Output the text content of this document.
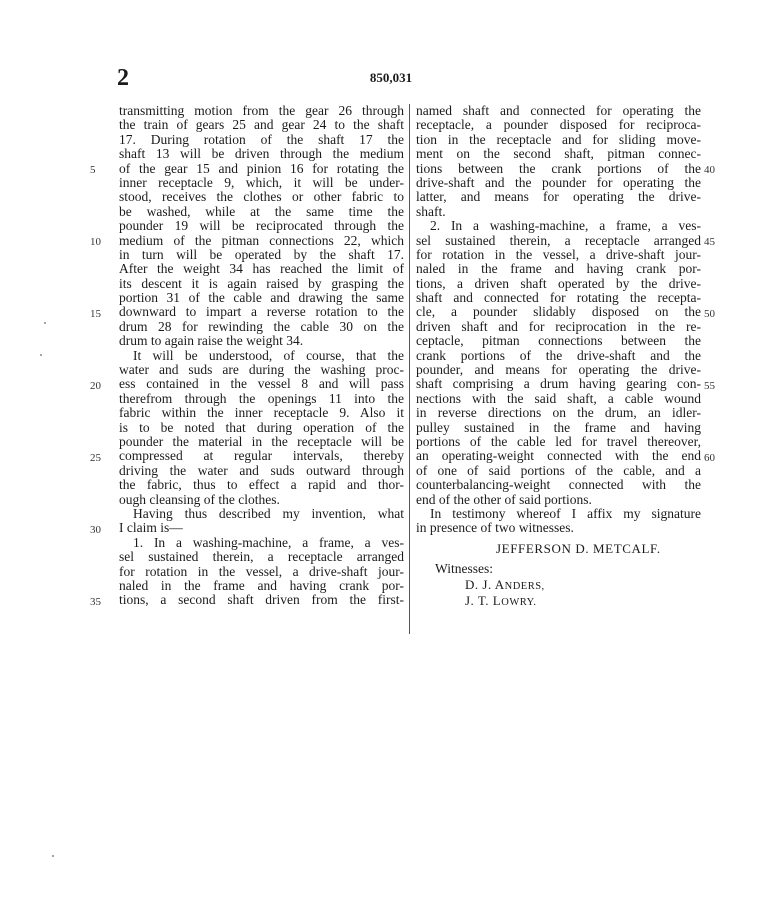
2	850,031
transmitting motion from the gear 26 through
the train of gears 25 and gear 24 to the shaft
17. During rotation of the shaft 17 the
shaft 13 will be driven through the medium
of the gear 15 and pinion 16 for rotating the
inner receptacle 9, which, it will be under-
stood, receives the clothes or other fabric to
be washed, while at the same time the
pounder 19 will be reciprocated through the
medium of the pitman connections 22, which
in turn will be operated by the shaft 17.
After the weight 34 has reached the limit of
its descent it is again raised by grasping the
portion 31 of the cable and drawing the same
downward to impart a reverse rotation to the
drum 28 for rewinding the cable 30 on the
drum to again raise the weight 34.
It will be understood, of course, that the
water and suds are during the washing proc-
ess contained in the vessel 8 and will pass
therefrom through the openings 11 into the
fabric within the inner receptacle 9. Also it
is to be noted that during operation of the
pounder the material in the receptacle will be
compressed at regular intervals, thereby
driving the water and suds outward through
the fabric, thus to effect a rapid and thor-
ough cleansing of the clothes.
Having thus described my invention, what
I claim is—
1. In a washing-machine, a frame, a ves-
sel sustained therein, a receptacle arranged
for rotation in the vessel, a drive-shaft jour-
naled in the frame and having crank por-
tions, a second shaft driven from the first-
named shaft and connected for operating the
receptacle, a pounder disposed for reciproca-
tion in the receptacle and for sliding move-
ment on the second shaft, pitman connec-
tions between the crank portions of the
drive-shaft and the pounder for operating the
latter, and means for operating the drive-
shaft.
2. In a washing-machine, a frame, a ves-
sel sustained therein, a receptacle arranged
for rotation in the vessel, a drive-shaft jour-
naled in the frame and having crank por-
tions, a driven shaft operated by the drive-
shaft and connected for rotating the recepta-
cle, a pounder slidably disposed on the
driven shaft and for reciprocation in the re-
ceptacle, pitman connections between the
crank portions of the drive-shaft and the
pounder, and means for operating the drive-
shaft comprising a drum having gearing con-
nections with the said shaft, a cable wound
in reverse directions on the drum, an idler-
pulley sustained in the frame and having
portions of the cable led for travel thereover,
an operating-weight connected with the end
of one of said portions of the cable, and a
counterbalancing-weight connected with the
end of the other of said portions.
In testimony whereof I affix my signature
in presence of two witnesses.
5
10
15
20
25
30
35
40
45
50
55
60
JEFFERSON D. METCALF.
Witnesses:
D. J. ANDERS,
J. T. LOWRY.
